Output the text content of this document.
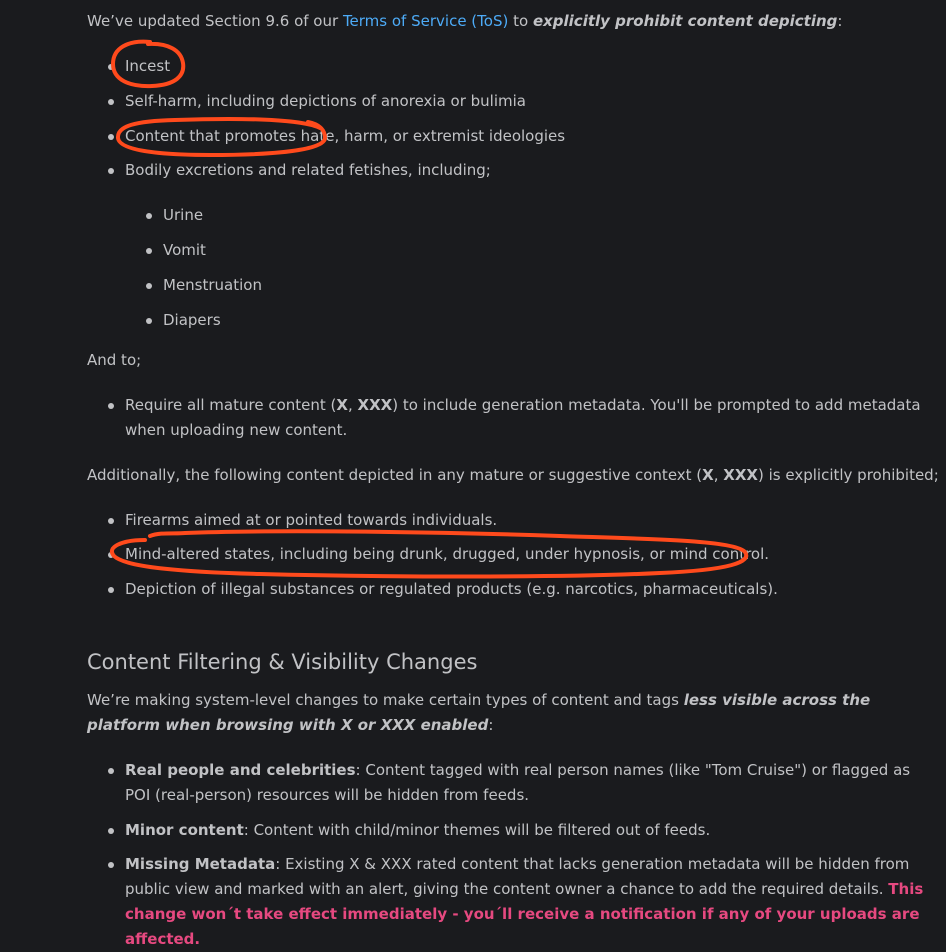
We’ve updated Section 9.6 of our Terms of Service (ToS) to explicitly prohibit content depicting:

Incest
Self-harm, including depictions of anorexia or bulimia
Content that promotes hate, harm, or extremist ideologies
Bodily excretions and related fetishes, including;
Urine
Vomit
Menstruation
Diapers

And to;

Require all mature content (X, XXX) to include generation metadata. You'll be prompted to add metadata when uploading new content.

Additionally, the following content depicted in any mature or suggestive context (X, XXX) is explicitly prohibited;

Firearms aimed at or pointed towards individuals.
Mind-altered states, including being drunk, drugged, under hypnosis, or mind control.
Depiction of illegal substances or regulated products (e.g. narcotics, pharmaceuticals).
Content Filtering & Visibility Changes

We’re making system-level changes to make certain types of content and tags less visible across the platform when browsing with X or XXX enabled:

Real people and celebrities: Content tagged with real person names (like "Tom Cruise") or flagged as POI (real-person) resources will be hidden from feeds.
Minor content: Content with child/minor themes will be filtered out of feeds.
Missing Metadata: Existing X & XXX rated content that lacks generation metadata will be hidden from public view and marked with an alert, giving the content owner a chance to add the required details. This change won´t take effect immediately - you´ll receive a notification if any of your uploads are affected.
